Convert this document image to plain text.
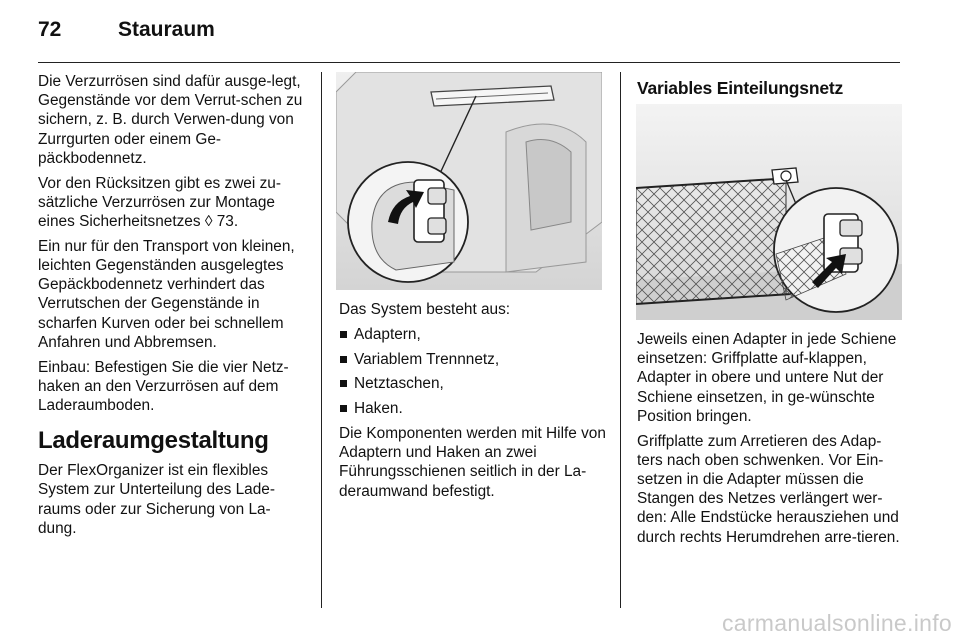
72	Stauraum

Die Verzurrösen sind dafür ausge-legt, Gegenstände vor dem Verrut-schen zu sichern, z. B. durch Verwen-dung von Zurrgurten oder einem Ge-päckbodennetz.

Vor den Rücksitzen gibt es zwei zu-sätzliche Verzurrösen zur Montage eines Sicherheitsnetzes ◊ 73.

Ein nur für den Transport von kleinen, leichten Gegenständen ausgelegtes Gepäckbodennetz verhindert das Verrutschen der Gegenstände in scharfen Kurven oder bei schnellem Anfahren und Abbremsen.

Einbau: Befestigen Sie die vier Netz-haken an den Verzurrösen auf dem Laderaumboden.

Laderaumgestaltung

Der FlexOrganizer ist ein flexibles System zur Unterteilung des Lade-raums oder zur Sicherung von La-dung.

Das System besteht aus:

Adaptern,
Variablem Trennnetz,
Netztaschen,
Haken.

Die Komponenten werden mit Hilfe von Adaptern und Haken an zwei Führungsschienen seitlich in der La-deraumwand befestigt.

Variables Einteilungsnetz

Jeweils einen Adapter in jede Schiene einsetzen: Griffplatte auf-klappen, Adapter in obere und untere Nut der Schiene einsetzen, in ge-wünschte Position bringen.

Griffplatte zum Arretieren des Adap-ters nach oben schwenken. Vor Ein-setzen in die Adapter müssen die Stangen des Netzes verlängert wer-den: Alle Endstücke herausziehen und durch rechts Herumdrehen arre-tieren.

carmanualsonline.info
